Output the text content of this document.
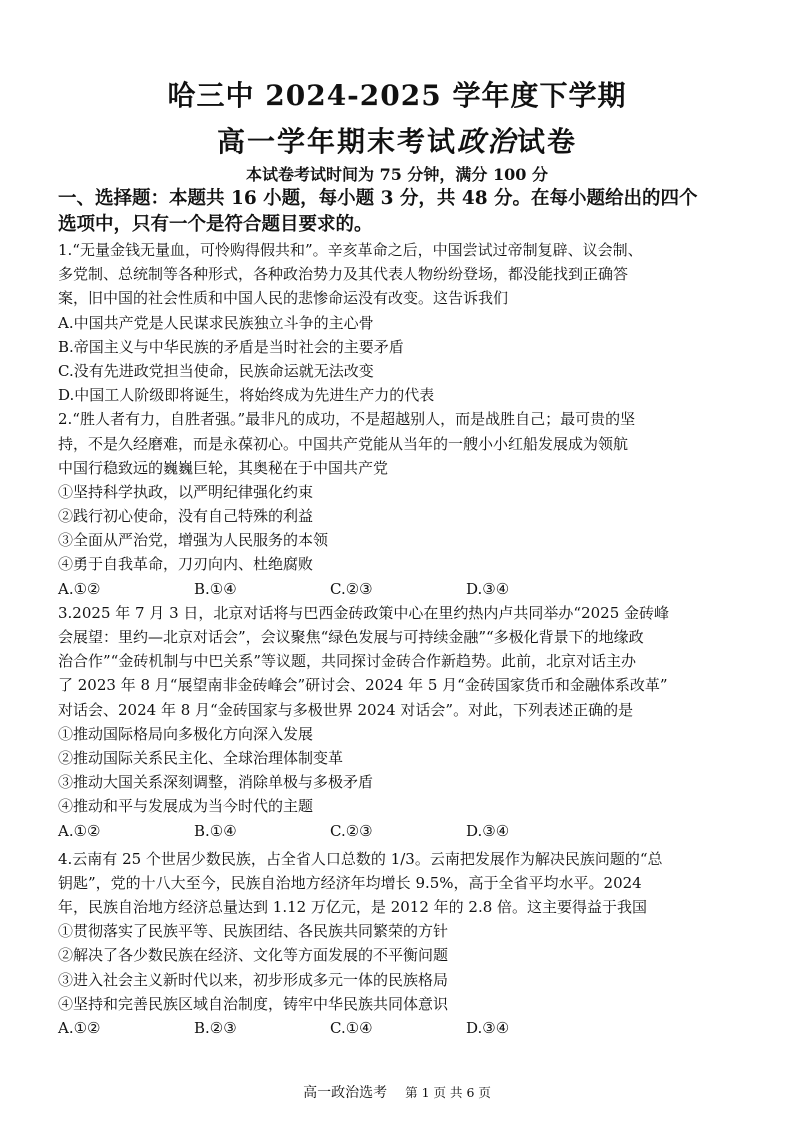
哈三中 2024-2025 学年度下学期
高一学年期末考试政治试卷
本试卷考试时间为 75 分钟，满分 100 分
一、选择题：本题共 16 小题，每小题 3 分，共 48 分。在每小题给出的四个
选项中，只有一个是符合题目要求的。
1.“无量金钱无量血，可怜购得假共和”。辛亥革命之后，中国尝试过帝制复辟、议会制、
多党制、总统制等各种形式，各种政治势力及其代表人物纷纷登场，都没能找到正确答
案，旧中国的社会性质和中国人民的悲惨命运没有改变。这告诉我们
A.中国共产党是人民谋求民族独立斗争的主心骨
B.帝国主义与中华民族的矛盾是当时社会的主要矛盾
C.没有先进政党担当使命，民族命运就无法改变
D.中国工人阶级即将诞生，将始终成为先进生产力的代表
2.“胜人者有力，自胜者强。”最非凡的成功，不是超越别人，而是战胜自己；最可贵的坚
持，不是久经磨难，而是永葆初心。中国共产党能从当年的一艘小小红船发展成为领航
中国行稳致远的巍巍巨轮，其奥秘在于中国共产党
①坚持科学执政，以严明纪律强化约束
②践行初心使命，没有自己特殊的利益
③全面从严治党，增强为人民服务的本领
④勇于自我革命，刀刃向内、杜绝腐败
A.①②	B.①④	C.②③	D.③④
3.2025 年 7 月 3 日，北京对话将与巴西金砖政策中心在里约热内卢共同举办“2025 金砖峰
会展望：里约—北京对话会”，会议聚焦“绿色发展与可持续金融”“多极化背景下的地缘政
治合作”“金砖机制与中巴关系”等议题，共同探讨金砖合作新趋势。此前，北京对话主办
了 2023 年 8 月“展望南非金砖峰会”研讨会、2024 年 5 月“金砖国家货币和金融体系改革”
对话会、2024 年 8 月“金砖国家与多极世界 2024 对话会”。对此，下列表述正确的是
①推动国际格局向多极化方向深入发展
②推动国际关系民主化、全球治理体制变革
③推动大国关系深刻调整，消除单极与多极矛盾
④推动和平与发展成为当今时代的主题
A.①②	B.①④	C.②③	D.③④
4.云南有 25 个世居少数民族，占全省人口总数的 1/3。云南把发展作为解决民族问题的“总
钥匙”，党的十八大至今，民族自治地方经济年均增长 9.5%，高于全省平均水平。2024
年，民族自治地方经济总量达到 1.12 万亿元，是 2012 年的 2.8 倍。这主要得益于我国
①贯彻落实了民族平等、民族团结、各民族共同繁荣的方针
②解决了各少数民族在经济、文化等方面发展的不平衡问题
③进入社会主义新时代以来，初步形成多元一体的民族格局
④坚持和完善民族区域自治制度，铸牢中华民族共同体意识
A.①②	B.②③	C.①④	D.③④
高一政治选考 第 1 页 共 6 页
